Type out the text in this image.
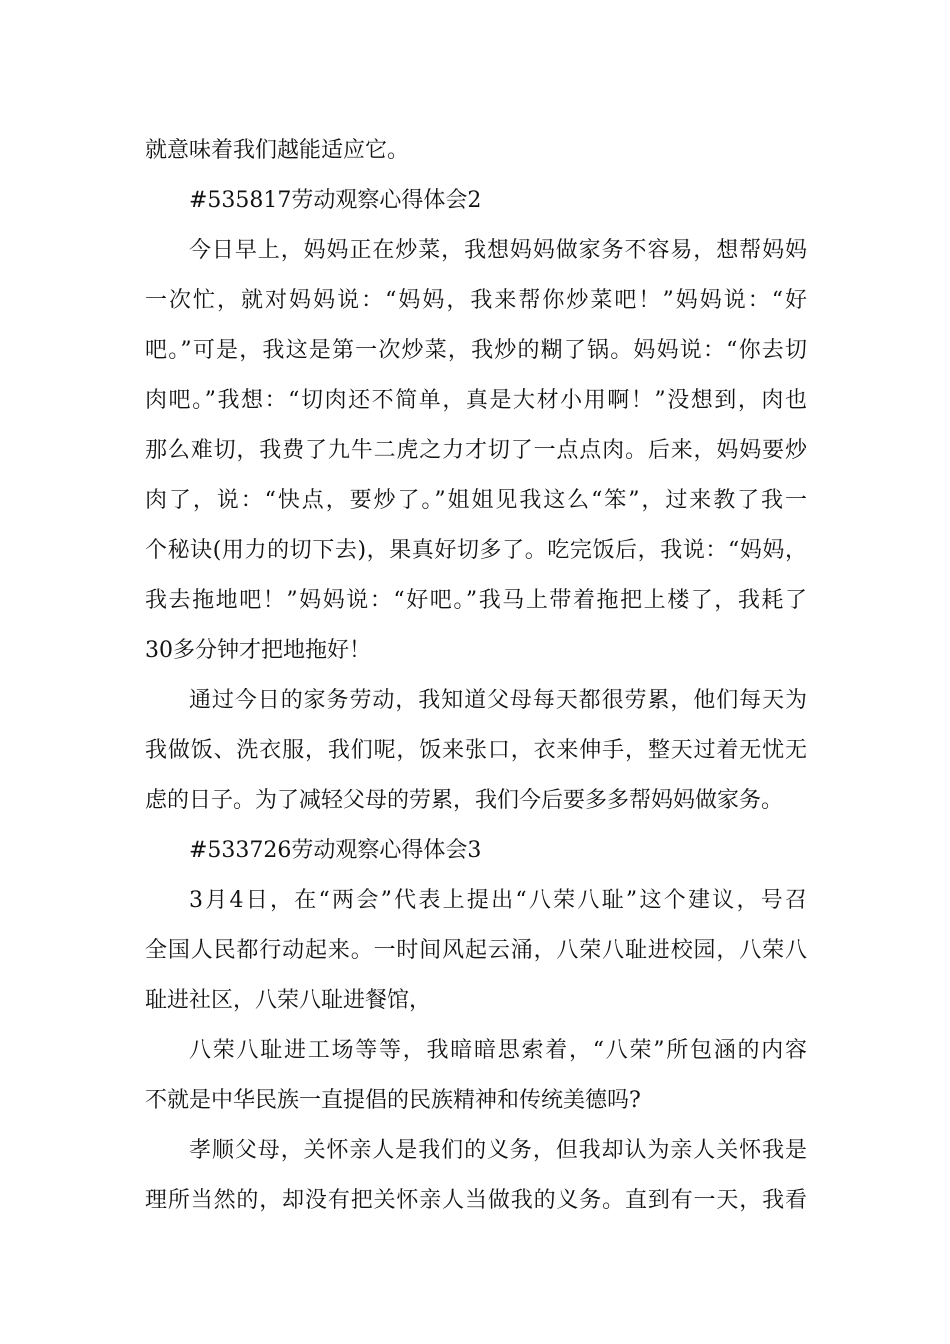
就意味着我们越能适应它。
#535817劳动观察心得体会2
今日早上，妈妈正在炒菜，我想妈妈做家务不容易，想帮妈妈
一次忙，就对妈妈说：“妈妈，我来帮你炒菜吧！”妈妈说：“好
吧。”可是，我这是第一次炒菜，我炒的糊了锅。妈妈说：“你去切
肉吧。”我想：“切肉还不简单，真是大材小用啊！”没想到，肉也
那么难切，我费了九牛二虎之力才切了一点点肉。后来，妈妈要炒
肉了，说：“快点，要炒了。”姐姐见我这么“笨”，过来教了我一
个秘诀(用力的切下去)，果真好切多了。吃完饭后，我说：“妈妈，
我去拖地吧！”妈妈说：“好吧。”我马上带着拖把上楼了，我耗了
30多分钟才把地拖好！
通过今日的家务劳动，我知道父母每天都很劳累，他们每天为
我做饭、洗衣服，我们呢，饭来张口，衣来伸手，整天过着无忧无
虑的日子。为了减轻父母的劳累，我们今后要多多帮妈妈做家务。
#533726劳动观察心得体会3
3月4日，在“两会”代表上提出“八荣八耻”这个建议，号召
全国人民都行动起来。一时间风起云涌，八荣八耻进校园，八荣八
耻进社区，八荣八耻进餐馆，
八荣八耻进工场等等，我暗暗思索着，“八荣”所包涵的内容
不就是中华民族一直提倡的民族精神和传统美德吗?
孝顺父母，关怀亲人是我们的义务，但我却认为亲人关怀我是
理所当然的，却没有把关怀亲人当做我的义务。直到有一天，我看
